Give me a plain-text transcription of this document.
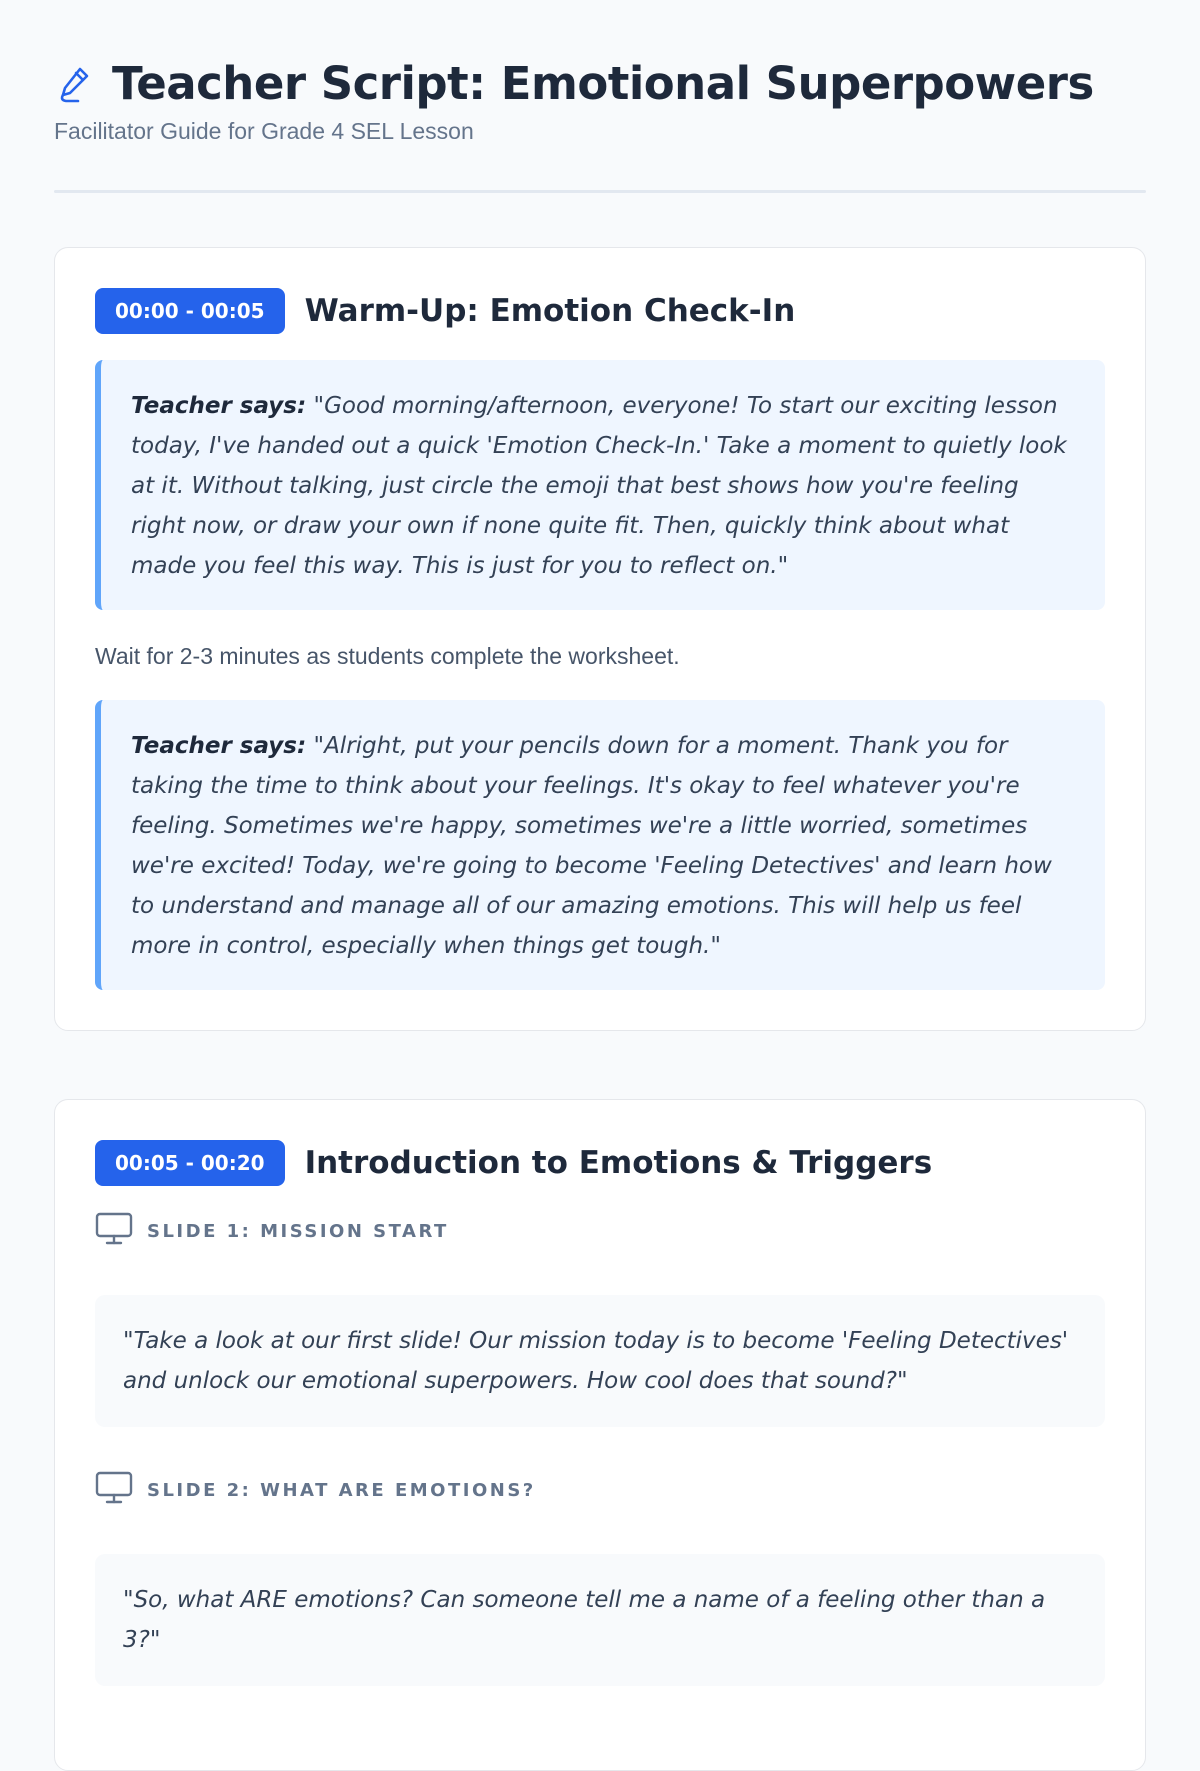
Teacher Script: Emotional Superpowers
Facilitator Guide for Grade 4 SEL Lesson
00:00 - 00:05	Warm-Up: Emotion Check-In
Teacher says: "Good morning/afternoon, everyone! To start our exciting lesson today, I've handed out a quick 'Emotion Check-In.' Take a moment to quietly look at it. Without talking, just circle the emoji that best shows how you're feeling right now, or draw your own if none quite fit. Then, quickly think about what made you feel this way. This is just for you to reflect on."
Wait for 2-3 minutes as students complete the worksheet.
Teacher says: "Alright, put your pencils down for a moment. Thank you for taking the time to think about your feelings. It's okay to feel whatever you're feeling. Sometimes we're happy, sometimes we're a little worried, sometimes we're excited! Today, we're going to become 'Feeling Detectives' and learn how to understand and manage all of our amazing emotions. This will help us feel more in control, especially when things get tough."
00:05 - 00:20	Introduction to Emotions & Triggers
SLIDE 1: MISSION START
"Take a look at our first slide! Our mission today is to become 'Feeling Detectives' and unlock our emotional superpowers. How cool does that sound?"
SLIDE 2: WHAT ARE EMOTIONS?
"So, what ARE emotions? Can someone tell me a name of a feeling other than a 3?"
